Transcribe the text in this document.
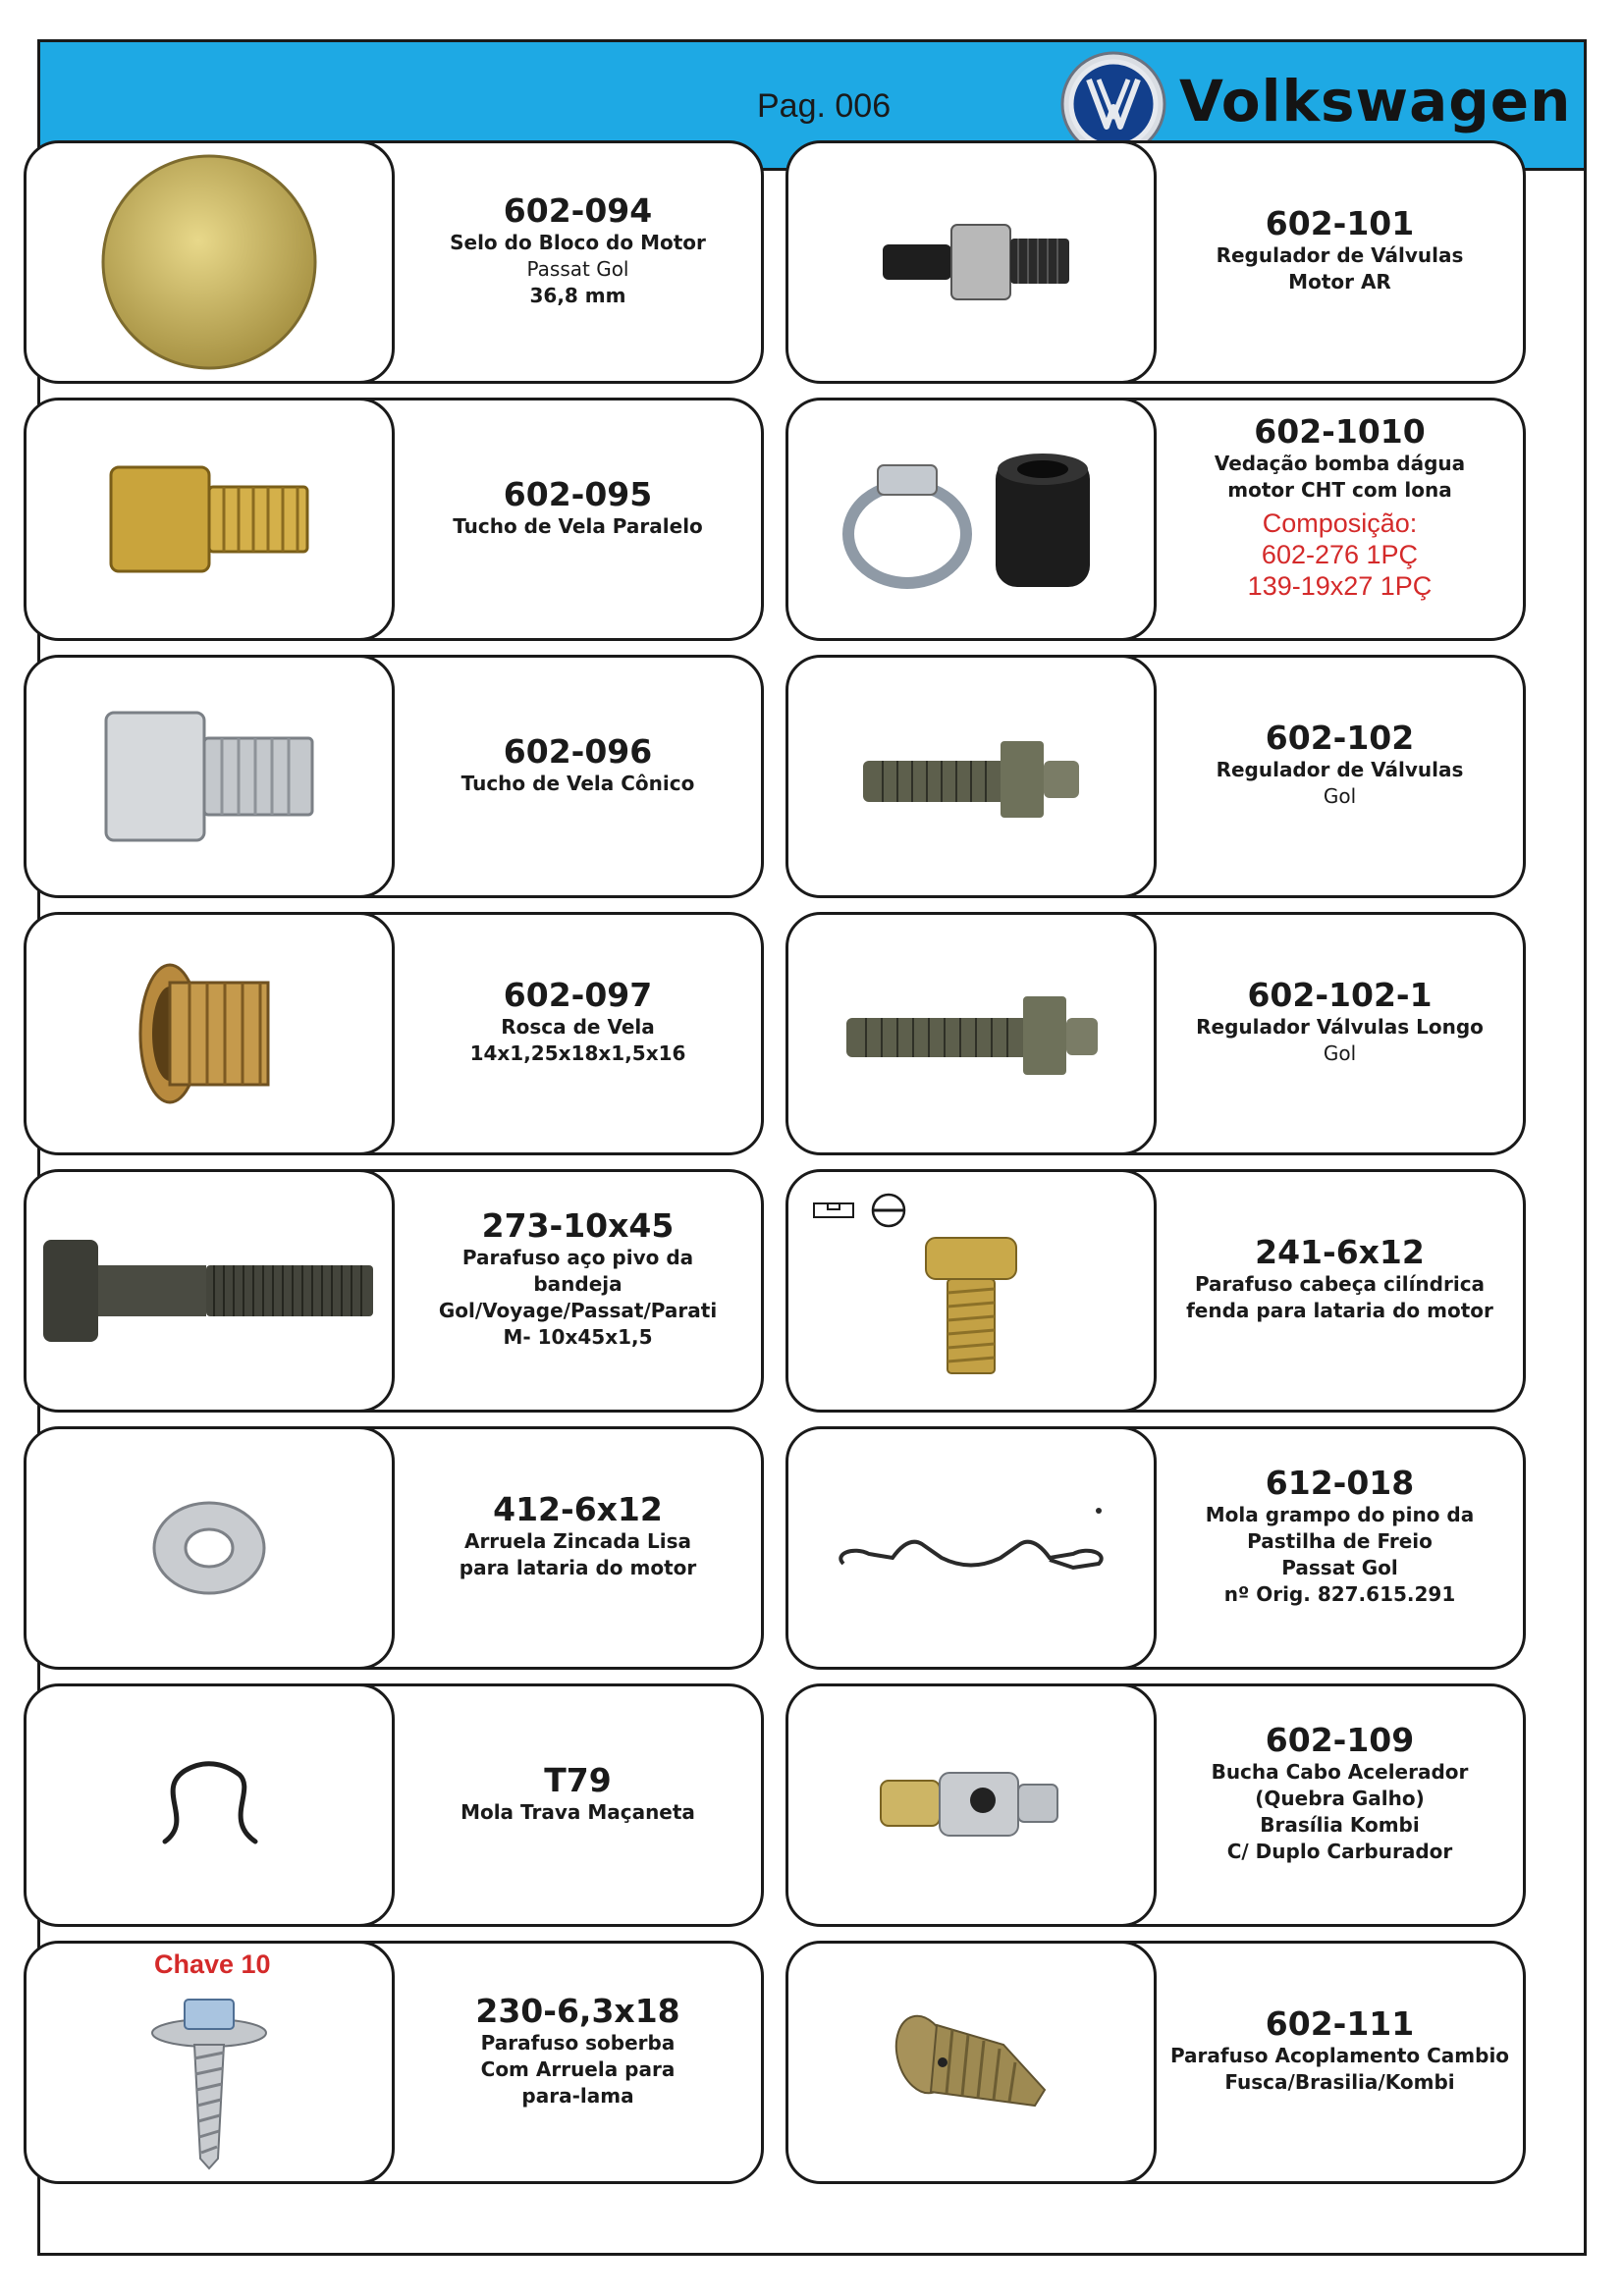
Pag. 006	Volkswagen
602-094
Selo do Bloco do Motor
Passat Gol
36,8 mm
602-101
Regulador de Válvulas
Motor AR
602-095
Tucho de Vela Paralelo
602-1010
Vedação bomba dágua
motor CHT com lona
Composição:
602-276 1PÇ
139-19x27 1PÇ
602-096
Tucho de Vela Cônico
602-102
Regulador de Válvulas
Gol
602-097
Rosca de Vela
14x1,25x18x1,5x16
602-102-1
Regulador Válvulas Longo
Gol
273-10x45
Parafuso aço pivo da
bandeja
Gol/Voyage/Passat/Parati
M- 10x45x1,5
241-6x12
Parafuso cabeça cilíndrica
fenda para lataria do motor
412-6x12
Arruela Zincada Lisa
para lataria do motor
612-018
Mola grampo do pino da
Pastilha de Freio
Passat Gol
nº Orig. 827.615.291
T79
Mola Trava Maçaneta
602-109
Bucha Cabo Acelerador
(Quebra Galho)
Brasília Kombi
C/ Duplo Carburador
Chave 10
230-6,3x18
Parafuso soberba
Com Arruela para
para-lama
602-111
Parafuso Acoplamento Cambio
Fusca/Brasilia/Kombi
